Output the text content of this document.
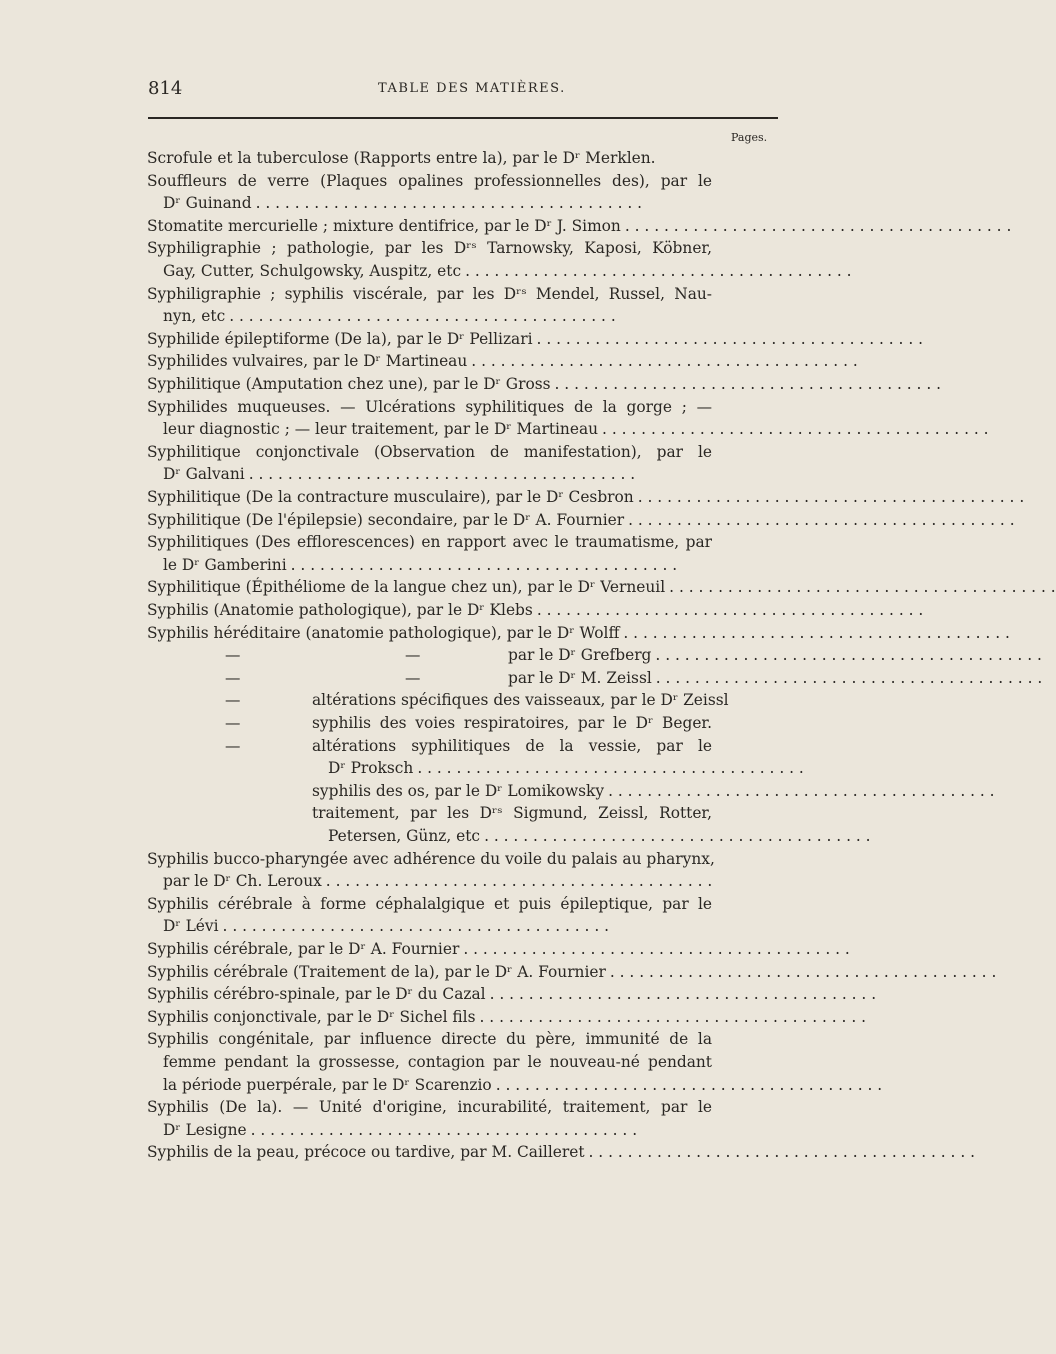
814	TABLE DES MATIÈRES.
Pages.
Scrofule et la tuberculose (Rapports entre la), par le Dʳ Merklen.
Souffleurs de verre (Plaques opalines professionnelles des), par le
Dʳ Guinand . . . . . . . . . . . . . . . . . . . . . . . . . . . . . . . . . . . . . . . .
Stomatite mercurielle ; mixture dentifrice, par le Dʳ J. Simon . . . . . . . . . . . . . . . . . . . . . . . . . . . . . . . . . . . . . . . .
Syphiligraphie ; pathologie, par les Dʳˢ Tarnowsky, Kaposi, Köbner,
Gay, Cutter, Schulgowsky, Auspitz, etc . . . . . . . . . . . . . . . . . . . . . . . . . . . . . . . . . . . . . . . .
Syphiligraphie ; syphilis viscérale, par les Dʳˢ Mendel, Russel, Nau-
nyn, etc . . . . . . . . . . . . . . . . . . . . . . . . . . . . . . . . . . . . . . . .
Syphilide épileptiforme (De la), par le Dʳ Pellizari . . . . . . . . . . . . . . . . . . . . . . . . . . . . . . . . . . . . . . . .
Syphilides vulvaires, par le Dʳ Martineau . . . . . . . . . . . . . . . . . . . . . . . . . . . . . . . . . . . . . . . .
Syphilitique (Amputation chez une), par le Dʳ Gross . . . . . . . . . . . . . . . . . . . . . . . . . . . . . . . . . . . . . . . .
Syphilides muqueuses. — Ulcérations syphilitiques de la gorge ; —
leur diagnostic ; — leur traitement, par le Dʳ Martineau . . . . . . . . . . . . . . . . . . . . . . . . . . . . . . . . . . . . . . . .
Syphilitique conjonctivale (Observation de manifestation), par le
Dʳ Galvani . . . . . . . . . . . . . . . . . . . . . . . . . . . . . . . . . . . . . . . .
Syphilitique (De la contracture musculaire), par le Dʳ Cesbron . . . . . . . . . . . . . . . . . . . . . . . . . . . . . . . . . . . . . . . .
Syphilitique (De l'épilepsie) secondaire, par le Dʳ A. Fournier . . . . . . . . . . . . . . . . . . . . . . . . . . . . . . . . . . . . . . . .
Syphilitiques (Des efflorescences) en rapport avec le traumatisme, par
le Dʳ Gamberini . . . . . . . . . . . . . . . . . . . . . . . . . . . . . . . . . . . . . . . .
Syphilitique (Épithéliome de la langue chez un), par le Dʳ Verneuil . . . . . . . . . . . . . . . . . . . . . . . . . . . . . . . . . . . . . . . .
Syphilis (Anatomie pathologique), par le Dʳ Klebs . . . . . . . . . . . . . . . . . . . . . . . . . . . . . . . . . . . . . . . .
Syphilis héréditaire (anatomie pathologique), par le Dʳ Wolff . . . . . . . . . . . . . . . . . . . . . . . . . . . . . . . . . . . . . . . .
—	—	par le Dʳ Grefberg . . . . . . . . . . . . . . . . . . . . . . . . . . . . . . . . . . . . . . . .
—	—	par le Dʳ M. Zeissl . . . . . . . . . . . . . . . . . . . . . . . . . . . . . . . . . . . . . . . .
—	altérations spécifiques des vaisseaux, par le Dʳ Zeissl
—	syphilis des voies respiratoires, par le Dʳ Beger.
—	altérations syphilitiques de la vessie, par le
Dʳ Proksch . . . . . . . . . . . . . . . . . . . . . . . . . . . . . . . . . . . . . . . .
syphilis des os, par le Dʳ Lomikowsky . . . . . . . . . . . . . . . . . . . . . . . . . . . . . . . . . . . . . . . .
traitement, par les Dʳˢ Sigmund, Zeissl, Rotter,
Petersen, Günz, etc . . . . . . . . . . . . . . . . . . . . . . . . . . . . . . . . . . . . . . . .
Syphilis bucco-pharyngée avec adhérence du voile du palais au pharynx,
par le Dʳ Ch. Leroux . . . . . . . . . . . . . . . . . . . . . . . . . . . . . . . . . . . . . . . .
Syphilis cérébrale à forme céphalalgique et puis épileptique, par le
Dʳ Lévi . . . . . . . . . . . . . . . . . . . . . . . . . . . . . . . . . . . . . . . .
Syphilis cérébrale, par le Dʳ A. Fournier . . . . . . . . . . . . . . . . . . . . . . . . . . . . . . . . . . . . . . . .
Syphilis cérébrale (Traitement de la), par le Dʳ A. Fournier . . . . . . . . . . . . . . . . . . . . . . . . . . . . . . . . . . . . . . . .
Syphilis cérébro-spinale, par le Dʳ du Cazal . . . . . . . . . . . . . . . . . . . . . . . . . . . . . . . . . . . . . . . .
Syphilis conjonctivale, par le Dʳ Sichel fils . . . . . . . . . . . . . . . . . . . . . . . . . . . . . . . . . . . . . . . .
Syphilis congénitale, par influence directe du père, immunité de la
femme pendant la grossesse, contagion par le nouveau-né pendant
la période puerpérale, par le Dʳ Scarenzio . . . . . . . . . . . . . . . . . . . . . . . . . . . . . . . . . . . . . . . .
Syphilis (De la). — Unité d'origine, incurabilité, traitement, par le
Dʳ Lesigne . . . . . . . . . . . . . . . . . . . . . . . . . . . . . . . . . . . . . . . .
Syphilis de la peau, précoce ou tardive, par M. Cailleret . . . . . . . . . . . . . . . . . . . . . . . . . . . . . . . . . . . . . . . .
